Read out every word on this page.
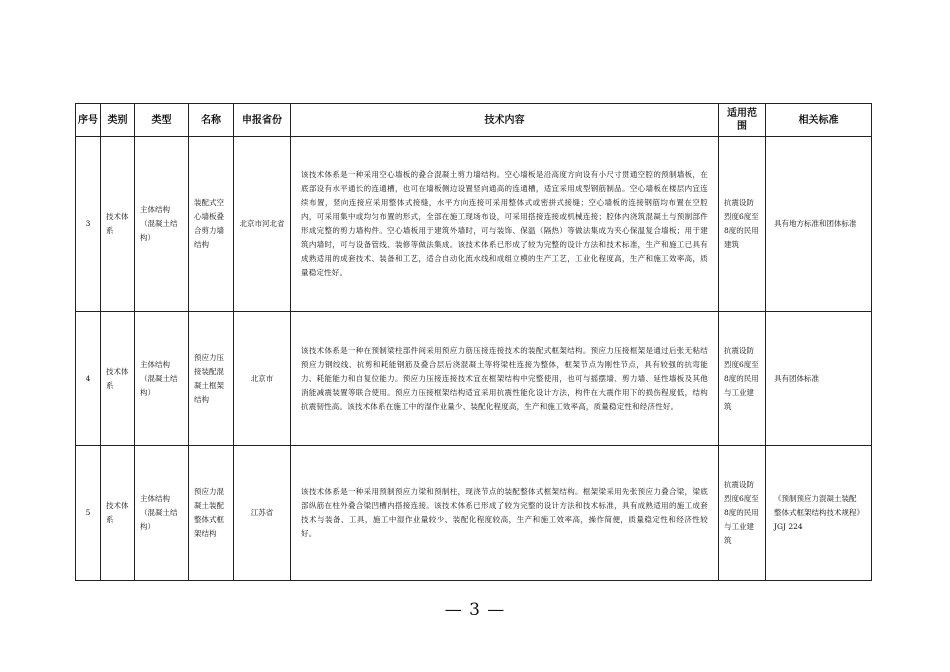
序号	类别	类型	名称	申报省份	技术内容	适用范围	相关标准
3	技术体系	主体结构（混凝土结构）	装配式空心墙板叠合剪力墙结构	北京市河北省	该技术体系是一种采用空心墙板的叠合混凝土剪力墙结构。空心墙板是沿高度方向设有小尺寸贯通空腔的预制墙板，在底部设有水平通长的连通槽，也可在墙板侧边设置竖向通高的连通槽，适宜采用成型钢筋制品。空心墙板在楼层内宜连续布置，竖向连接应采用整体式接缝，水平方向连接可采用整体式或密拼式接缝；空心墙板的连接钢筋均布置在空腔内，可采用集中或均匀布置的形式，全部在施工现场布设，可采用搭接连接或机械连接；腔体内浇筑混凝土与预制部件形成完整的剪力墙构件。空心墙板用于建筑外墙时，可与装饰、保温（隔热）等做法集成为夹心保温复合墙板；用于建筑内墙时，可与设备管线、装修等做法集成。该技术体系已形成了较为完整的设计方法和技术标准，生产和施工已具有成熟适用的成套技术、装备和工艺，适合自动化流水线和成组立模的生产工艺，工业化程度高，生产和施工效率高，质量稳定性好。	抗震设防烈度6度至8度的民用建筑	具有地方标准和团体标准
4	技术体系	主体结构（混凝土结构）	预应力压接装配混凝土框架结构	北京市	该技术体系是一种在预制梁柱部件间采用预应力筋压接连接技术的装配式框架结构。预应力压接框架是通过后张无粘结预应力钢绞线、抗剪和耗能钢筋及叠合层后浇混凝土等将梁柱连接为整体，框架节点为刚性节点，具有较强的抗弯能力、耗能能力和自复位能力。预应力压接连接技术宜在框架结构中完整使用，也可与摇摆墙、剪力墙、延性墙板及其他消能减震装置等联合使用。预应力压接框架结构适宜采用抗震性能化设计方法，构件在大震作用下的损伤程度低，结构抗震韧性高。该技术体系在施工中的湿作业量少、装配化程度高，生产和施工效率高，质量稳定性和经济性好。	抗震设防烈度6度至8度的民用与工业建筑	具有团体标准
5	技术体系	主体结构（混凝土结构）	预应力混凝土装配整体式框架结构	江苏省	该技术体系是一种采用预制预应力梁和预制柱，现浇节点的装配整体式框架结构。框架梁采用先张预应力叠合梁，梁底部纵筋在柱外叠合梁凹槽内搭接连接。该技术体系已形成了较为完整的设计方法和技术标准，具有成熟适用的施工成套技术与装备、工具，施工中湿作业量较少、装配化程度较高，生产和施工效率高，操作简便，质量稳定性和经济性较好。	抗震设防烈度6度至8度的民用与工业建筑	《预制预应力混凝土装配整体式框架结构技术规程》JGJ 224
— 3 —
